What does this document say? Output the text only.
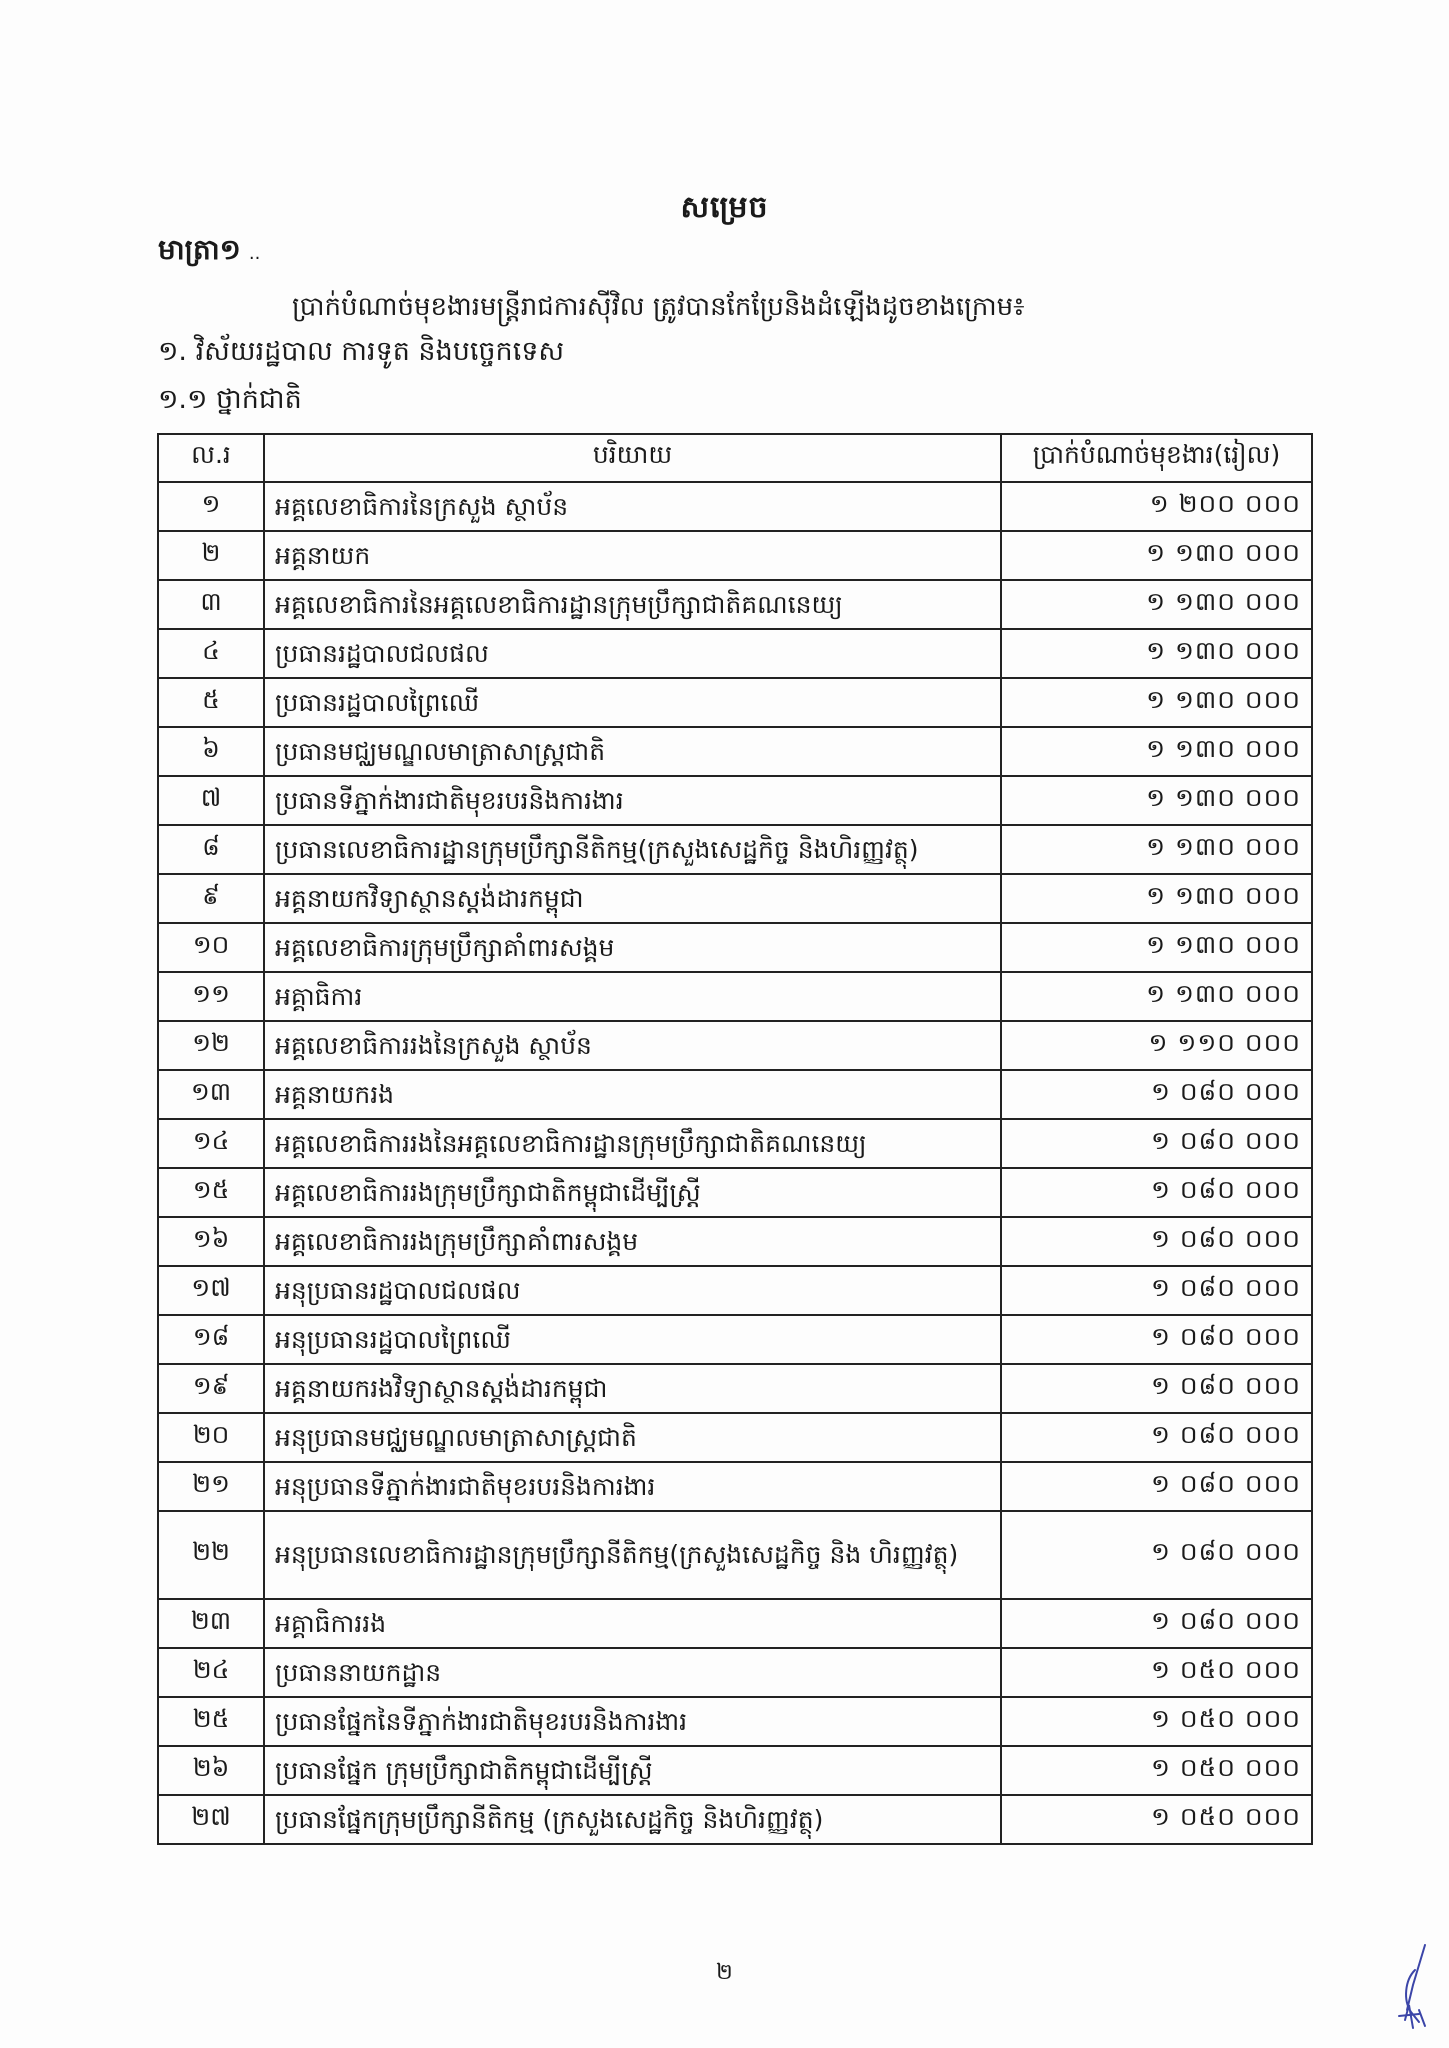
សម្រេច
មាត្រា១ ..
ប្រាក់បំណាច់មុខងារមន្ត្រីរាជការស៊ីវិល ត្រូវបានកែប្រែនិងដំឡើងដូចខាងក្រោម៖
១. វិស័យរដ្ឋបាល ការទូត និងបច្ចេកទេស
១.១ ថ្នាក់ជាតិ
ល.រ	បរិយាយ	ប្រាក់បំណាច់មុខងារ(រៀល)
១	អគ្គលេខាធិការនៃក្រសួង ស្ថាប័ន	១ ២០០ ០០០
២	អគ្គនាយក	១ ១៣០ ០០០
៣	អគ្គលេខាធិការនៃអគ្គលេខាធិការដ្ឋានក្រុមប្រឹក្សាជាតិគណនេយ្យ	១ ១៣០ ០០០
៤	ប្រធានរដ្ឋបាលជលផល	១ ១៣០ ០០០
៥	ប្រធានរដ្ឋបាលព្រៃឈើ	១ ១៣០ ០០០
៦	ប្រធានមជ្ឈមណ្ឌលមាត្រាសាស្ត្រជាតិ	១ ១៣០ ០០០
៧	ប្រធានទីភ្នាក់ងារជាតិមុខរបរនិងការងារ	១ ១៣០ ០០០
៨	ប្រធានលេខាធិការដ្ឋានក្រុមប្រឹក្សានីតិកម្ម(ក្រសួងសេដ្ឋកិច្ច និងហិរញ្ញវត្ថុ)	១ ១៣០ ០០០
៩	អគ្គនាយកវិទ្យាស្ថានស្តង់ដារកម្ពុជា	១ ១៣០ ០០០
១០	អគ្គលេខាធិការក្រុមប្រឹក្សាគាំពារសង្គម	១ ១៣០ ០០០
១១	អគ្គាធិការ	១ ១៣០ ០០០
១២	អគ្គលេខាធិការរងនៃក្រសួង ស្ថាប័ន	១ ១១០ ០០០
១៣	អគ្គនាយករង	១ ០៨០ ០០០
១៤	អគ្គលេខាធិការរងនៃអគ្គលេខាធិការដ្ឋានក្រុមប្រឹក្សាជាតិគណនេយ្យ	១ ០៨០ ០០០
១៥	អគ្គលេខាធិការរងក្រុមប្រឹក្សាជាតិកម្ពុជាដើម្បីស្ត្រី	១ ០៨០ ០០០
១៦	អគ្គលេខាធិការរងក្រុមប្រឹក្សាគាំពារសង្គម	១ ០៨០ ០០០
១៧	អនុប្រធានរដ្ឋបាលជលផល	១ ០៨០ ០០០
១៨	អនុប្រធានរដ្ឋបាលព្រៃឈើ	១ ០៨០ ០០០
១៩	អគ្គនាយករងវិទ្យាស្ថានស្តង់ដារកម្ពុជា	១ ០៨០ ០០០
២០	អនុប្រធានមជ្ឈមណ្ឌលមាត្រាសាស្ត្រជាតិ	១ ០៨០ ០០០
២១	អនុប្រធានទីភ្នាក់ងារជាតិមុខរបរនិងការងារ	១ ០៨០ ០០០
២២	អនុប្រធានលេខាធិការដ្ឋានក្រុមប្រឹក្សានីតិកម្ម(ក្រសួងសេដ្ឋកិច្ច និង ហិរញ្ញវត្ថុ)	១ ០៨០ ០០០
២៣	អគ្គាធិការរង	១ ០៨០ ០០០
២៤	ប្រធាននាយកដ្ឋាន	១ ០៥០ ០០០
២៥	ប្រធានផ្នែកនៃទីភ្នាក់ងារជាតិមុខរបរនិងការងារ	១ ០៥០ ០០០
២៦	ប្រធានផ្នែក ក្រុមប្រឹក្សាជាតិកម្ពុជាដើម្បីស្ត្រី	១ ០៥០ ០០០
២៧	ប្រធានផ្នែកក្រុមប្រឹក្សានីតិកម្ម (ក្រសួងសេដ្ឋកិច្ច និងហិរញ្ញវត្ថុ)	១ ០៥០ ០០០
២
